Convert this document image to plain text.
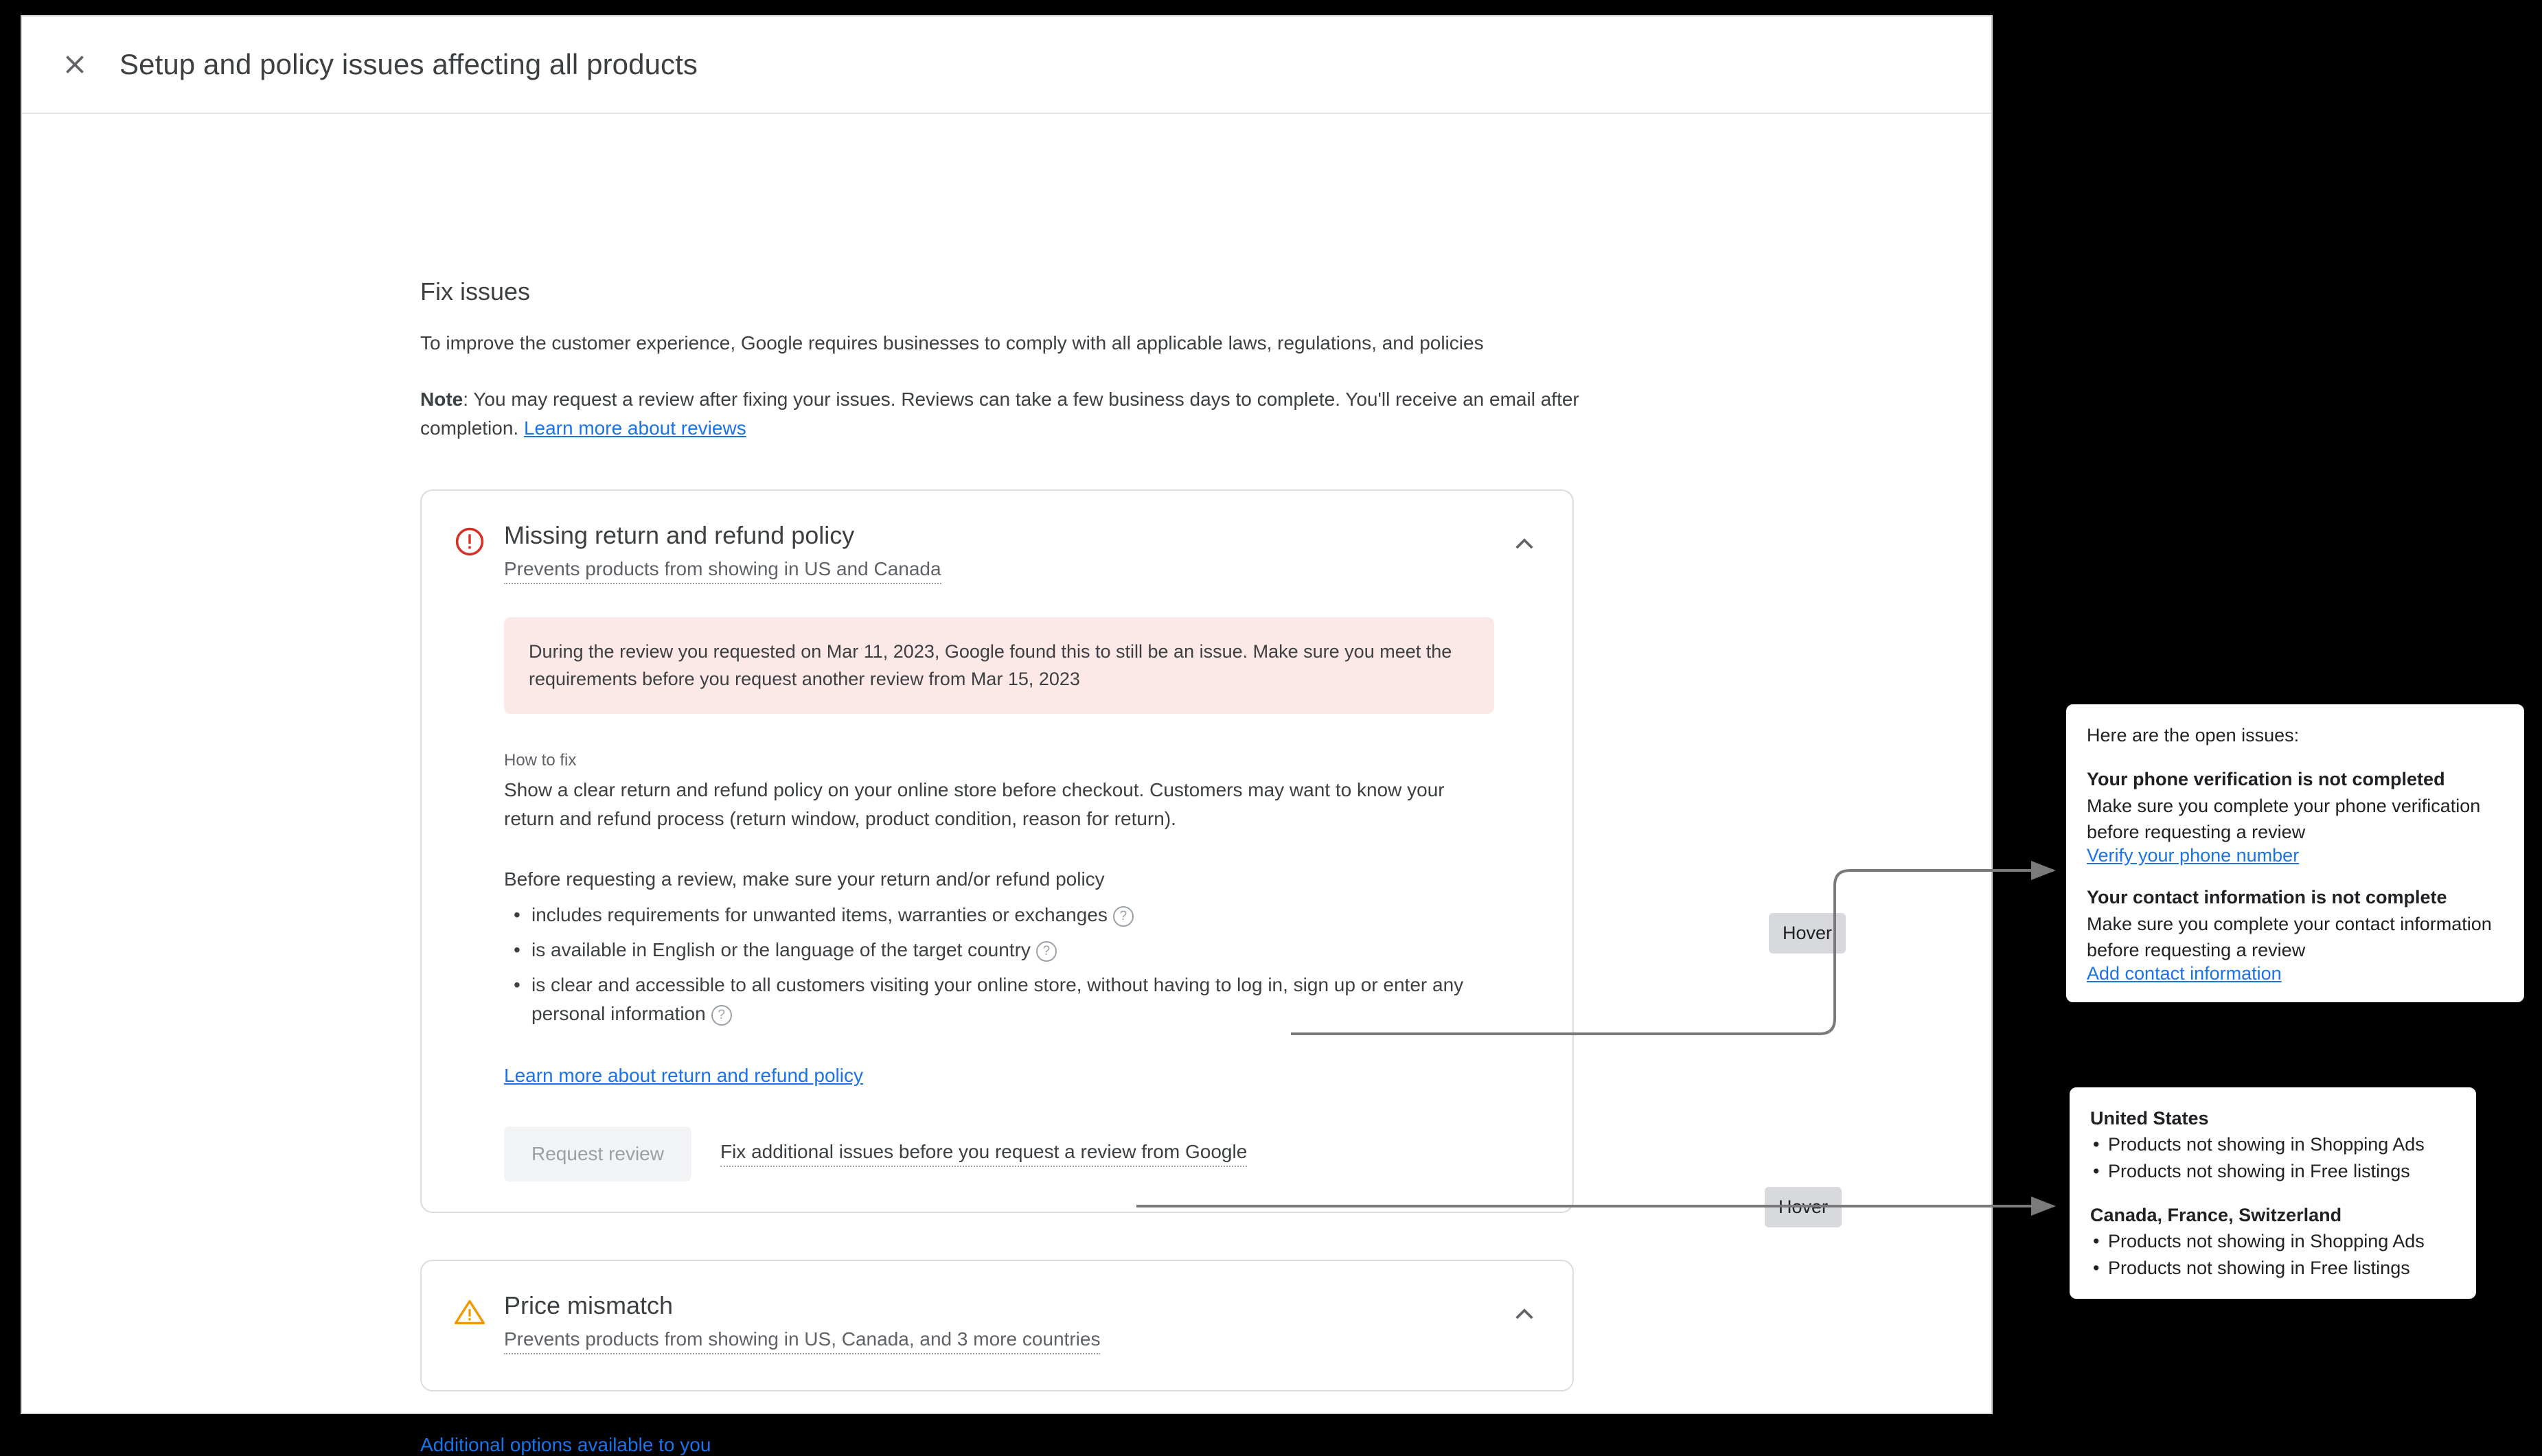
Setup and policy issues affecting all products
Fix issues
To improve the customer experience, Google requires businesses to comply with all applicable laws, regulations, and policies
Note: You may request a review after fixing your issues. Reviews can take a few business days to complete. You'll receive an email after completion. Learn more about reviews
Missing return and refund policy
Prevents products from showing in US and Canada
During the review you requested on Mar 11, 2023, Google found this to still be an issue. Make sure you meet the requirements before you request another review from Mar 15, 2023
How to fix
Show a clear return and refund policy on your online store before checkout. Customers may want to know your return and refund process (return window, product condition, reason for return).
Before requesting a review, make sure your return and/or refund policy
• includes requirements for unwanted items, warranties or exchanges ?
• is available in English or the language of the target country ?
• is clear and accessible to all customers visiting your online store, without having to log in, sign up or enter any personal information ?
Learn more about return and refund policy
Request review	Fix additional issues before you request a review from Google
Price mismatch
Prevents products from showing in US, Canada, and 3 more countries
Additional options available to you
Here are the open issues:
Your phone verification is not completed
Make sure you complete your phone verification before requesting a review
Verify your phone number
Your contact information is not complete
Make sure you complete your contact information before requesting a review
Add contact information
United States
• Products not showing in Shopping Ads
• Products not showing in Free listings
Canada, France, Switzerland
• Products not showing in Shopping Ads
• Products not showing in Free listings
Hover
Hover
